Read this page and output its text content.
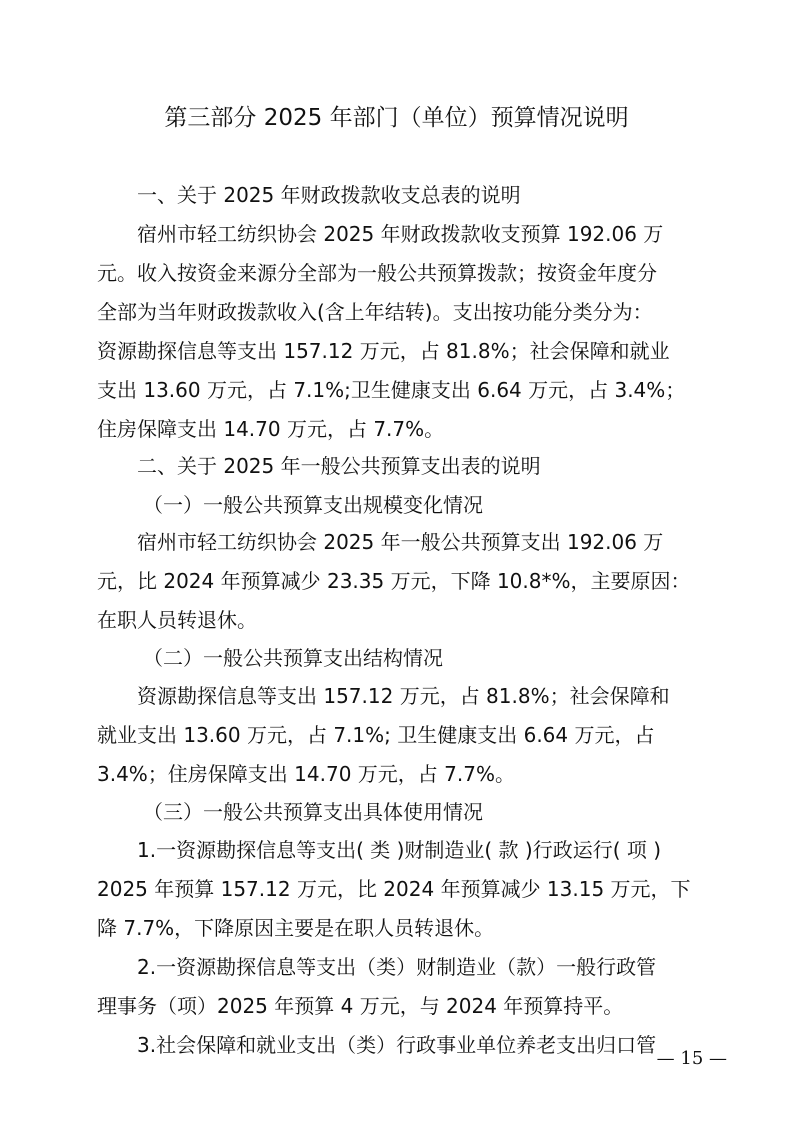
第三部分 2025 年部门（单位）预算情况说明
一、关于 2025 年财政拨款收支总表的说明
宿州市轻工纺织协会 2025 年财政拨款收支预算 192.06 万
元。收入按资金来源分全部为一般公共预算拨款；按资金年度分
全部为当年财政拨款收入(含上年结转)。支出按功能分类分为：
资源勘探信息等支出 157.12 万元，占 81.8%；社会保障和就业
支出 13.60 万元，占 7.1%;卫生健康支出 6.64 万元，占 3.4%；
住房保障支出 14.70 万元，占 7.7%。
二、关于 2025 年一般公共预算支出表的说明
（一）一般公共预算支出规模变化情况
宿州市轻工纺织协会 2025 年一般公共预算支出 192.06 万
元，比 2024 年预算减少 23.35 万元，下降 10.8*%，主要原因：
在职人员转退休。
（二）一般公共预算支出结构情况
资源勘探信息等支出 157.12 万元，占 81.8%；社会保障和
就业支出 13.60 万元，占 7.1%; 卫生健康支出 6.64 万元，占
3.4%；住房保障支出 14.70 万元，占 7.7%。
（三）一般公共预算支出具体使用情况
1.一资源勘探信息等支出( 类 )财制造业( 款 )行政运行( 项 )
2025 年预算 157.12 万元，比 2024 年预算减少 13.15 万元，下
降 7.7%，下降原因主要是在职人员转退休。
2.一资源勘探信息等支出（类）财制造业（款）一般行政管
理事务（项）2025 年预算 4 万元，与 2024 年预算持平。
3.社会保障和就业支出（类）行政事业单位养老支出归口管
— 15 —
